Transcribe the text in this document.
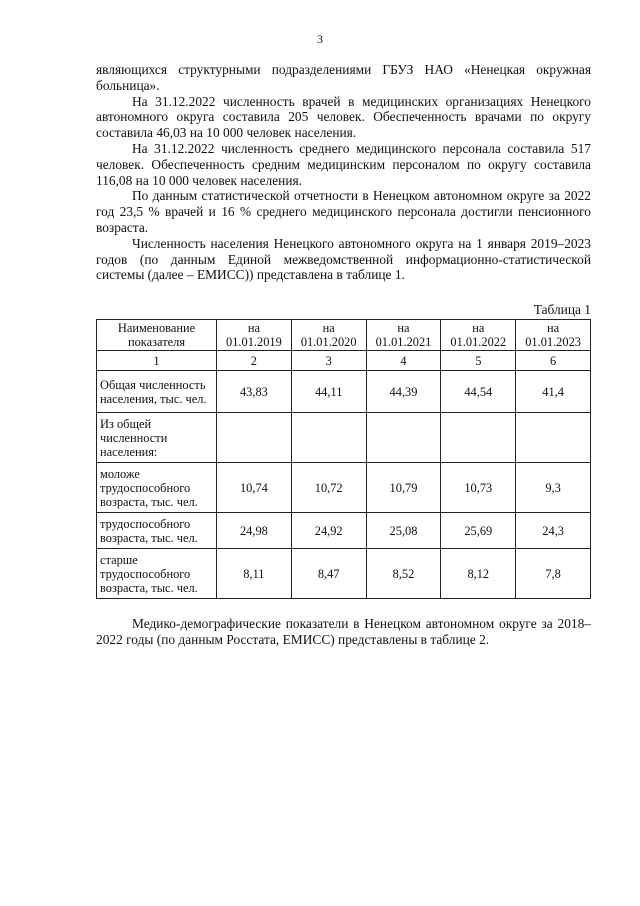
3

являющихся структурными подразделениями ГБУЗ НАО «Ненецкая окружная больница».

На 31.12.2022 численность врачей в медицинских организациях Ненецкого автономного округа составила 205 человек. Обеспеченность врачами по округу составила 46,03 на 10 000 человек населения.

На 31.12.2022 численность среднего медицинского персонала составила 517 человек. Обеспеченность средним медицинским персоналом по округу составила 116,08 на 10 000 человек населения.

По данным статистической отчетности в Ненецком автономном округе за 2022 год 23,5 % врачей и 16 % среднего медицинского персонала достигли пенсионного возраста.

Численность населения Ненецкого автономного округа на 1 января 2019–2023 годов (по данным Единой межведомственной информационно-статистической системы (далее – ЕМИСС)) представлена в таблице 1.

Таблица 1
Наименование показателя	на 01.01.2019	на 01.01.2020	на 01.01.2021	на 01.01.2022	на 01.01.2023
1	2	3	4	5	6
Общая численность населения, тыс. чел.	43,83	44,11	44,39	44,54	41,4
Из общей численности населения:					
моложе трудоспособного возраста, тыс. чел.	10,74	10,72	10,79	10,73	9,3
трудоспособного возраста, тыс. чел.	24,98	24,92	25,08	25,69	24,3
старше трудоспособного возраста, тыс. чел.	8,11	8,47	8,52	8,12	7,8

Медико-демографические показатели в Ненецком автономном округе за 2018–2022 годы (по данным Росстата, ЕМИСС) представлены в таблице 2.
